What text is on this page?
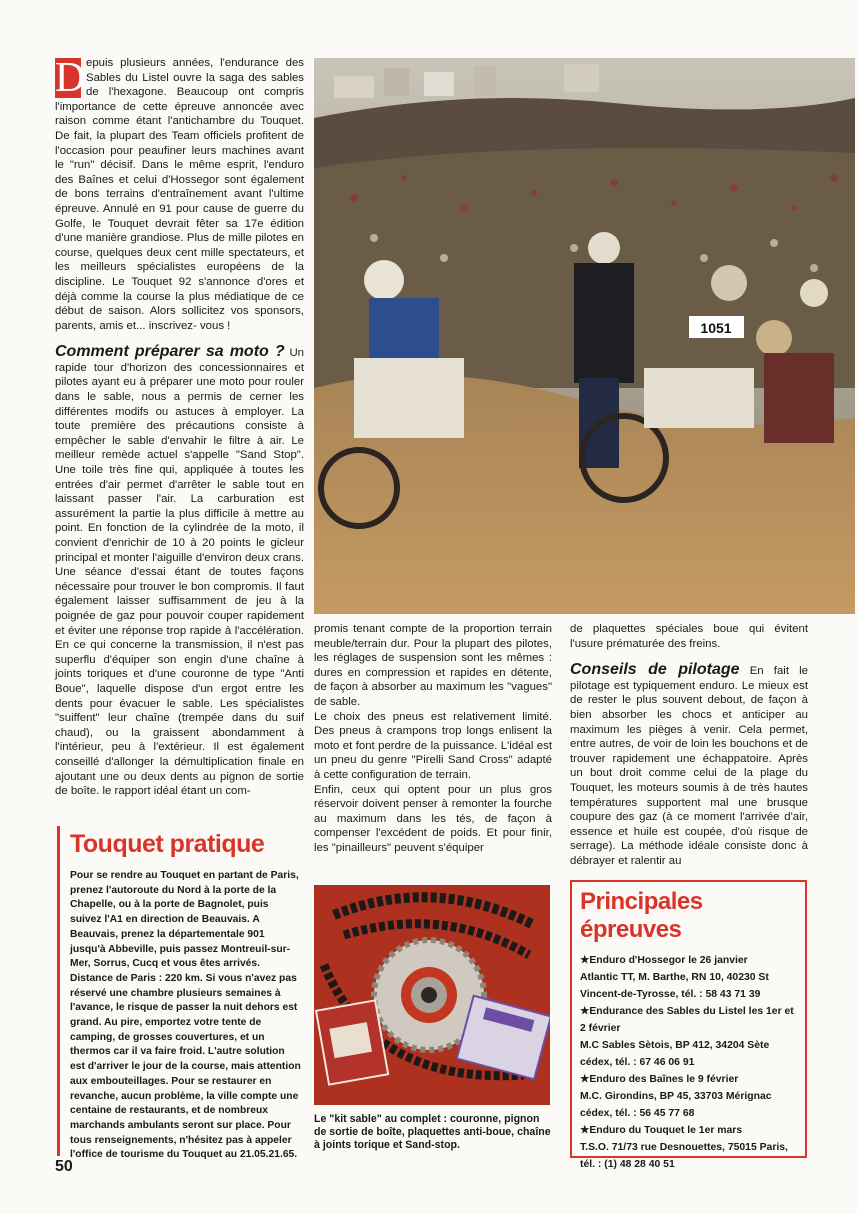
D epuis plusieurs années, l'endurance des Sables du Listel ouvre la saga des sables de l'hexagone. Beaucoup ont compris l'importance de cette épreuve annoncée avec raison comme étant l'antichambre du Touquet. De fait, la plupart des Team officiels profitent de l'occasion pour peaufiner leurs machines avant le "run" décisif. Dans le même esprit, l'enduro des Baînes et celui d'Hossegor sont également de bons terrains d'entraînement avant l'ultime épreuve. Annulé en 91 pour cause de guerre du Golfe, le Touquet devrait fêter sa 17e édition d'une manière grandiose. Plus de mille pilotes en course, quelques deux cent mille spectateurs, et les meilleurs spécialistes européens de la discipline. Le Touquet 92 s'annonce d'ores et déjà comme la course la plus médiatique de ce début de saison. Alors sollicitez vos sponsors, parents, amis et... inscrivez- vous !

Comment préparer sa moto ? Un rapide tour d'horizon des concessionnaires et pilotes ayant eu à préparer une moto pour rouler dans le sable, nous a permis de cerner les différentes modifs ou astuces à employer. La toute première des précautions consiste à empêcher le sable d'envahir le filtre à air. Le meilleur remède actuel s'appelle "Sand Stop". Une toile très fine qui, appliquée à toutes les entrées d'air permet d'arrêter le sable tout en laissant passer l'air. La carburation est assurément la partie la plus difficile à mettre au point. En fonction de la cylindrée de la moto, il convient d'enrichir de 10 à 20 points le gicleur principal et monter l'aiguille d'environ deux crans. Une séance d'essai étant de toutes façons nécessaire pour trouver le bon compromis. Il faut également laisser suffisamment de jeu à la poignée de gaz pour pouvoir couper rapidement et éviter une réponse trop rapide à l'accélération. En ce qui concerne la transmission, il n'est pas superflu d'équiper son engin d'une chaîne à joints toriques et d'une couronne de type "Anti Boue", laquelle dispose d'un ergot entre les dents pour évacuer le sable. Les spécialistes "suiffent" leur chaîne (trempée dans du suif chaud), ou la graissent abondamment à l'intérieur, peu à l'extérieur. Il est également conseillé d'allonger la démultiplication finale en ajoutant une ou deux dents au pignon de sortie de boîte. le rapport idéal étant un com-

1051

promis tenant compte de la proportion terrain meuble/terrain dur. Pour la plupart des pilotes, les réglages de suspension sont les mêmes : dures en compression et rapides en détente, de façon à absorber au maximum les "vagues" de sable.

Le choix des pneus est relativement limité. Des pneus à crampons trop longs enlisent la moto et font perdre de la puissance. L'idéal est un pneu du genre "Pirelli Sand Cross" adapté à cette configuration de terrain.

Enfin, ceux qui optent pour un plus gros réservoir doivent penser à remonter la fourche au maximum dans les tés, de façon à compenser l'excédent de poids. Et pour finir, les "pinailleurs" peuvent s'équiper

de plaquettes spéciales boue qui évitent l'usure prématurée des freins.

Conseils de pilotage En fait le pilotage est typiquement enduro. Le mieux est de rester le plus souvent debout, de façon à bien absorber les chocs et anticiper au maximum les pièges à venir. Cela permet, entre autres, de voir de loin les bouchons et de trouver rapidement une échappatoire. Après un bout droit comme celui de la plage du Touquet, les moteurs soumis à de très hautes températures supportent mal une brusque coupure des gaz (à ce moment l'arrivée d'air, essence et huile est coupée, d'où risque de serrage). La méthode idéale consiste donc à débrayer et ralentir au

Le "kit sable" au complet : couronne, pignon de sortie de boîte, plaquettes anti-boue, chaîne à joints torique et Sand-stop.
Touquet pratique
Pour se rendre au Touquet en partant de Paris, prenez l'autoroute du Nord à la porte de la Chapelle, ou à la porte de Bagnolet, puis suivez l'A1 en direction de Beauvais. A Beauvais, prenez la départementale 901 jusqu'à Abbeville, puis passez Montreuil-sur-Mer, Sorrus, Cucq et vous êtes arrivés. Distance de Paris : 220 km. Si vous n'avez pas réservé une chambre plusieurs semaines à l'avance, le risque de passer la nuit dehors est grand. Au pire, emportez votre tente de camping, de grosses couvertures, et un thermos car il va faire froid. L'autre solution est d'arriver le jour de la course, mais attention aux embouteillages. Pour se restaurer en revanche, aucun problème, la ville compte une centaine de restaurants, et de nombreux marchands ambulants seront sur place. Pour tous renseignements, n'hésitez pas à appeler l'office de tourisme du Touquet au 21.05.21.65.
Principales épreuves

★Enduro d'Hossegor le 26 janvier

Atlantic TT, M. Barthe, RN 10, 40230 St Vincent-de-Tyrosse, tél. : 58 43 71 39

★Endurance des Sables du Listel les 1er et 2 février

M.C Sables Sètois, BP 412, 34204 Sète cédex, tél. : 67 46 06 91

★Enduro des Baînes le 9 février

M.C. Girondins, BP 45, 33703 Mérignac cédex, tél. : 56 45 77 68

★Enduro du Touquet le 1er mars

T.S.O. 71/73 rue Desnouettes, 75015 Paris, tél. : (1) 48 28 40 51

50
